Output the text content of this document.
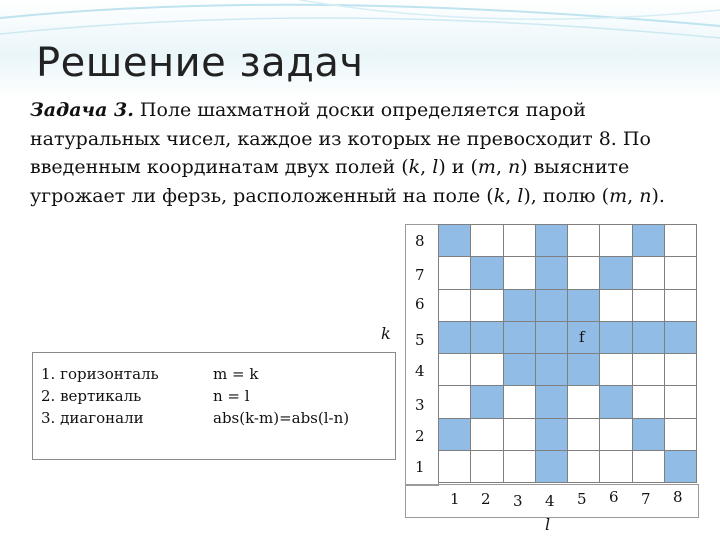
Решение задач
Задача 3. Поле шахматной доски определяется парой натуральных чисел, каждое из которых не превосходит 8. По введенным координатам двух полей (k, l) и (m, n) выясните угрожает ли ферзь, расположенный на поле (k, l), полю (m, n).
8
7
6
5
4
3
2
1
1 2 3 4 5 6 7 8
k
l
f
1. горизонталь
2. вертикаль
3. диагонали
m = k
n = l
abs(k-m)=abs(l-n)
